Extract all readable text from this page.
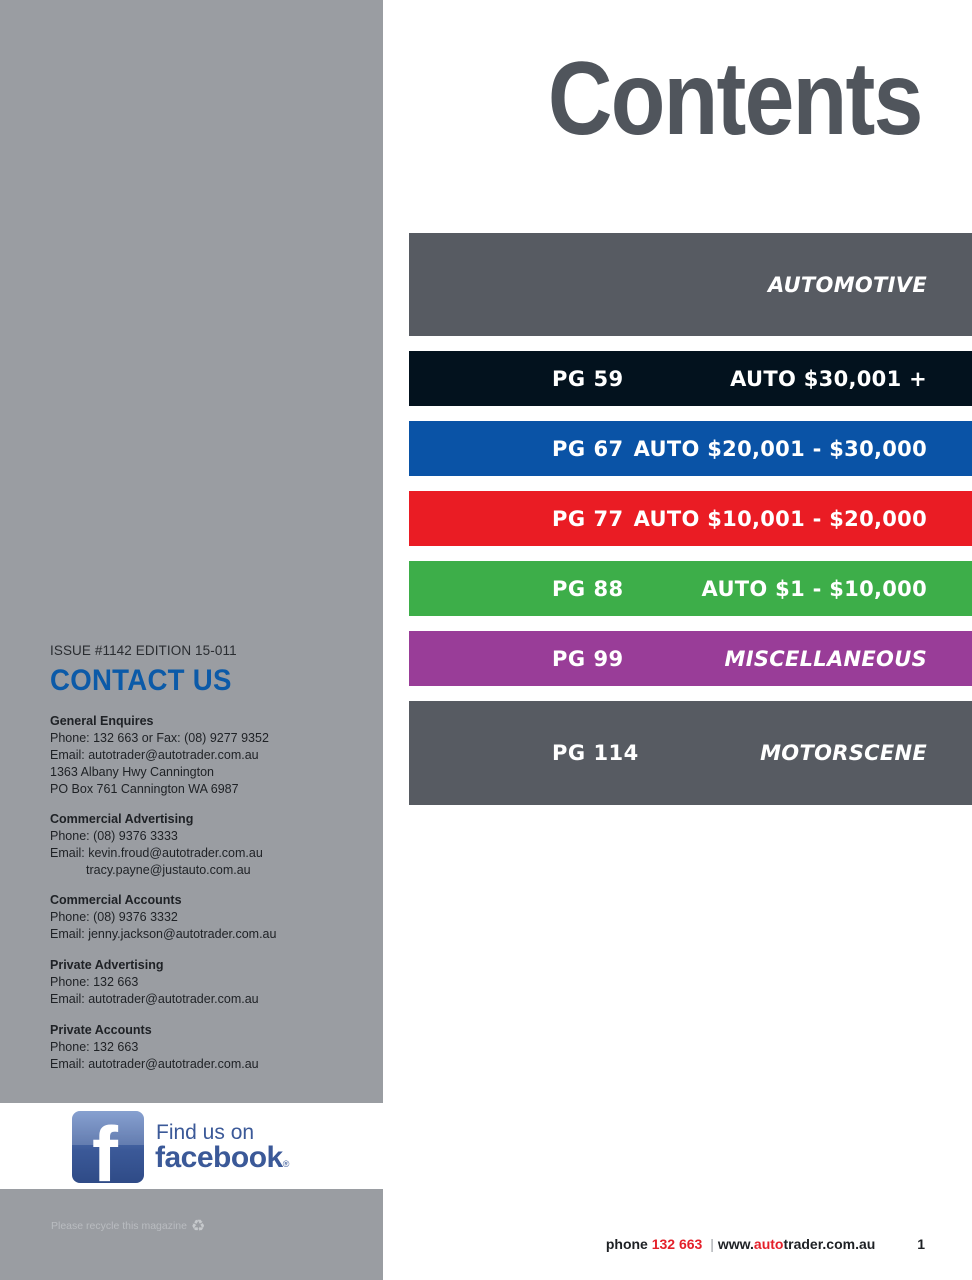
ISSUE #1142 EDITION 15-011
CONTACT US
General Enquires
Phone: 132 663 or Fax: (08) 9277 9352
Email: autotrader@autotrader.com.au
1363 Albany Hwy Cannington
PO Box 761 Cannington WA 6987
Commercial Advertising
Phone: (08) 9376 3333
Email: kevin.froud@autotrader.com.au
tracy.payne@justauto.com.au
Commercial Accounts
Phone: (08) 9376 3332
Email: jenny.jackson@autotrader.com.au
Private Advertising
Phone: 132 663
Email: autotrader@autotrader.com.au
Private Accounts
Phone: 132 663
Email: autotrader@autotrader.com.au
f Find us on
facebook®
Please recycle this magazine ♻
Contents
AUTOMOTIVE
PG 59	AUTO $30,001 +
PG 67 AUTO $20,001 - $30,000
PG 77 AUTO $10,001 - $20,000
PG 88	AUTO $1 - $10,000
PG 99	MISCELLANEOUS
PG 114	MOTORSCENE
phone 132 663 | www.autotrader.com.au	1
